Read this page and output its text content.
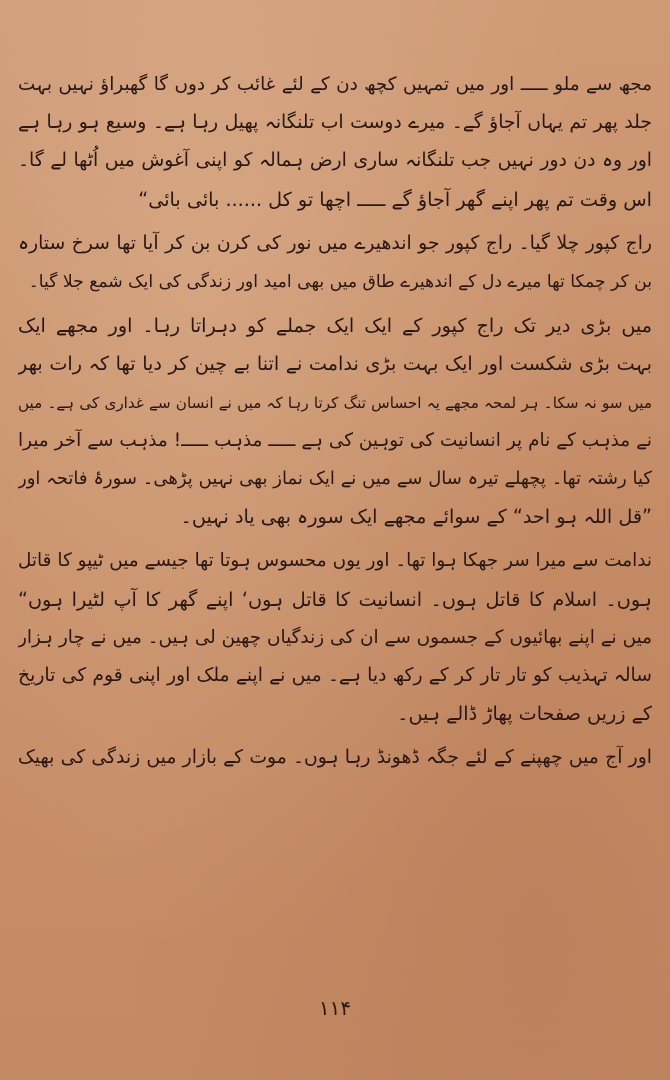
مجھ سے ملو ـــــ اور میں تمہیں کچھ دن کے لئے غائب کر دوں گا گھبراؤ نہیں بہت
جلد پھر تم یہاں آجاؤ گے۔ میرے دوست اب تلنگانہ پھیل رہا ہے۔ وسیع ہو رہا ہے
اور وہ دن دور نہیں جب تلنگانہ ساری ارض ہمالہ کو اپنی آغوش میں اُٹھا لے گا۔
اس وقت تم پھر اپنے گھر آجاؤ گے ـــــ اچھا تو کل ...... بائی بائی“
راج کپور چلا گیا۔ راج کپور جو اندھیرے میں نور کی کرن بن کر آیا تھا سرخ ستارہ
بن کر چمکا تھا میرے دل کے اندھیرے طاق میں بھی امید اور زندگی کی ایک شمع جلا گیا۔
میں بڑی دیر تک راج کپور کے ایک ایک جملے کو دہراتا رہا۔ اور مجھے ایک
بہت بڑی شکست اور ایک بہت بڑی ندامت نے اتنا بے چین کر دیا تھا کہ رات بھر
میں سو نہ سکا۔ ہر لمحہ مجھے یہ احساس تنگ کرتا رہا کہ میں نے انسان سے غداری کی ہے۔ میں
نے مذہب کے نام پر انسانیت کی توہین کی ہے ـــــ مذہب ـــــ! مذہب سے آخر میرا
کیا رشتہ تھا۔ پچھلے تیرہ سال سے میں نے ایک نماز بھی نہیں پڑھی۔ سورۂ فاتحہ اور
”قل اللہ ہو احد“ کے سوائے مجھے ایک سورہ بھی یاد نہیں۔
ندامت سے میرا سر جھکا ہوا تھا۔ اور یوں محسوس ہوتا تھا جیسے میں ٹیپو کا قاتل
ہوں۔ اسلام کا قاتل ہوں۔ انسانیت کا قاتل ہوں‘ اپنے گھر کا آپ لٹیرا ہوں“
میں نے اپنے بھائیوں کے جسموں سے ان کی زندگیاں چھین لی ہیں۔ میں نے چار ہزار
سالہ تہذیب کو تار تار کر کے رکھ دیا ہے۔ میں نے اپنے ملک اور اپنی قوم کی تاریخ
کے زریں صفحات پھاڑ ڈالے ہیں۔
اور آج میں چھپنے کے لئے جگہ ڈھونڈ رہا ہوں۔ موت کے بازار میں زندگی کی بھیک
۱۱۴
